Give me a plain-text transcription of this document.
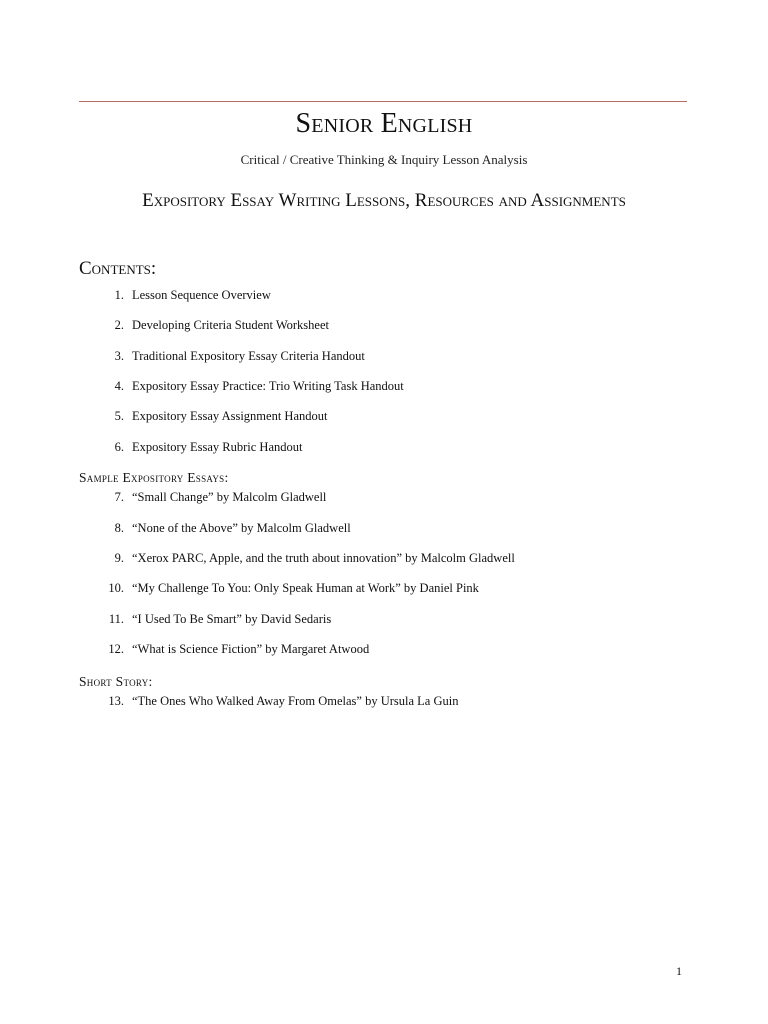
Senior English
Critical / Creative Thinking & Inquiry Lesson Analysis
Expository Essay Writing Lessons, Resources and Assignments
Contents:
1. Lesson Sequence Overview
2. Developing Criteria Student Worksheet
3. Traditional Expository Essay Criteria Handout
4. Expository Essay Practice: Trio Writing Task Handout
5. Expository Essay Assignment Handout
6. Expository Essay Rubric Handout
Sample Expository Essays:
7. “Small Change” by Malcolm Gladwell
8. “None of the Above” by Malcolm Gladwell
9. “Xerox PARC, Apple, and the truth about innovation” by Malcolm Gladwell
10. “My Challenge To You: Only Speak Human at Work” by Daniel Pink
11. “I Used To Be Smart” by David Sedaris
12. “What is Science Fiction” by Margaret Atwood
Short Story:
13. “The Ones Who Walked Away From Omelas” by Ursula La Guin
1
